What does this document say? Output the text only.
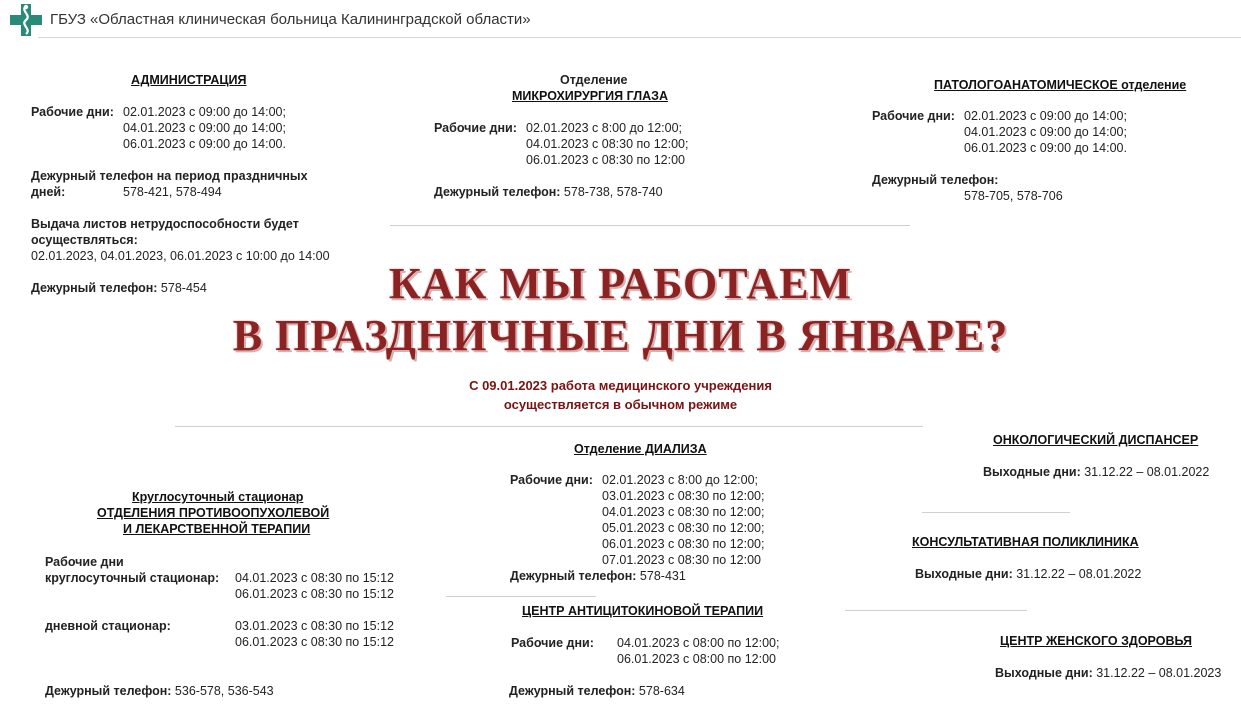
ГБУЗ «Областная клиническая больница Калининградской области»
АДМИНИСТРАЦИЯ
Рабочие дни: 02.01.2023 с 09:00 до 14:00;
04.01.2023 с 09:00 до 14:00;
06.01.2023 с 09:00 до 14:00.
Дежурный телефон на период праздничных
дней:	578-421, 578-494
Выдача листов нетрудоспособности будет
осуществляться:
02.01.2023, 04.01.2023, 06.01.2023 с 10:00 до 14:00
Дежурный телефон: 578-454
Отделение
МИКРОХИРУРГИЯ ГЛАЗА
Рабочие дни: 02.01.2023 с 8:00 до 12:00;
04.01.2023 с 08:30 по 12:00;
06.01.2023 с 08:30 по 12:00
Дежурный телефон: 578-738, 578-740
ПАТОЛОГОАНАТОМИЧЕСКОЕ отделение
Рабочие дни: 02.01.2023 с 09:00 до 14:00;
04.01.2023 с 09:00 до 14:00;
06.01.2023 с 09:00 до 14:00.
Дежурный телефон:
578-705, 578-706
КАК МЫ РАБОТАЕМ
В ПРАЗДНИЧНЫЕ ДНИ В ЯНВАРЕ?
С 09.01.2023 работа медицинского учреждения
осуществляется в обычном режиме
Круглосуточный стационар
ОТДЕЛЕНИЯ ПРОТИВООПУХОЛЕВОЙ
И ЛЕКАРСТВЕННОЙ ТЕРАПИИ
Рабочие дни
круглосуточный стационар: 04.01.2023 с 08:30 по 15:12
06.01.2023 с 08:30 по 15:12
дневной стационар:	03.01.2023 с 08:30 по 15:12
06.01.2023 с 08:30 по 15:12
Дежурный телефон: 536-578, 536-543
Отделение ДИАЛИЗА
Рабочие дни: 02.01.2023 с 8:00 до 12:00;
03.01.2023 с 08:30 по 12:00;
04.01.2023 с 08:30 по 12:00;
05.01.2023 с 08:30 по 12:00;
06.01.2023 с 08:30 по 12:00;
07.01.2023 с 08:30 по 12:00
Дежурный телефон: 578-431
ЦЕНТР АНТИЦИТОКИНОВОЙ ТЕРАПИИ
Рабочие дни: 04.01.2023 с 08:00 по 12:00;
06.01.2023 с 08:00 по 12:00
Дежурный телефон: 578-634
ОНКОЛОГИЧЕСКИЙ ДИСПАНСЕР
Выходные дни: 31.12.22 – 08.01.2022
КОНСУЛЬТАТИВНАЯ ПОЛИКЛИНИКА
Выходные дни: 31.12.22 – 08.01.2022
ЦЕНТР ЖЕНСКОГО ЗДОРОВЬЯ
Выходные дни: 31.12.22 – 08.01.2023
